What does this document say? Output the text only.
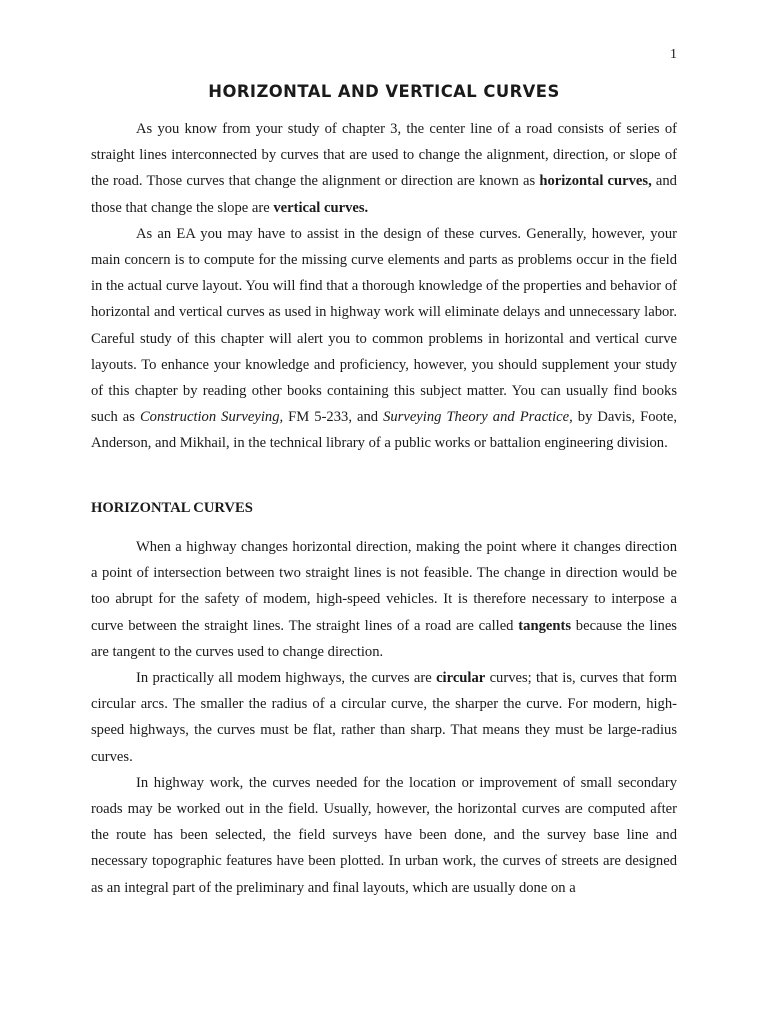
1
HORIZONTAL AND VERTICAL CURVES

As you know from your study of chapter 3, the center line of a road consists of series of straight lines interconnected by curves that are used to change the alignment, direction, or slope of the road. Those curves that change the alignment or direction are known as horizontal curves, and those that change the slope are vertical curves.

As an EA you may have to assist in the design of these curves. Generally, however, your main concern is to compute for the missing curve elements and parts as problems occur in the field in the actual curve layout. You will find that a thorough knowledge of the properties and behavior of horizontal and vertical curves as used in highway work will eliminate delays and unnecessary labor. Careful study of this chapter will alert you to common problems in horizontal and vertical curve layouts. To enhance your knowledge and proficiency, however, you should supplement your study of this chapter by reading other books containing this subject matter. You can usually find books such as Construction Surveying, FM 5-233, and Surveying Theory and Practice, by Davis, Foote, Anderson, and Mikhail, in the technical library of a public works or battalion engineering division.

HORIZONTAL CURVES

When a highway changes horizontal direction, making the point where it changes direction a point of intersection between two straight lines is not feasible. The change in direction would be too abrupt for the safety of modem, high-speed vehicles. It is therefore necessary to interpose a curve between the straight lines. The straight lines of a road are called tangents because the lines are tangent to the curves used to change direction.

In practically all modem highways, the curves are circular curves; that is, curves that form circular arcs. The smaller the radius of a circular curve, the sharper the curve. For modern, high-speed highways, the curves must be flat, rather than sharp. That means they must be large-radius curves.

In highway work, the curves needed for the location or improvement of small secondary roads may be worked out in the field. Usually, however, the horizontal curves are computed after the route has been selected, the field surveys have been done, and the survey base line and necessary topographic features have been plotted. In urban work, the curves of streets are designed as an integral part of the preliminary and final layouts, which are usually done on a
